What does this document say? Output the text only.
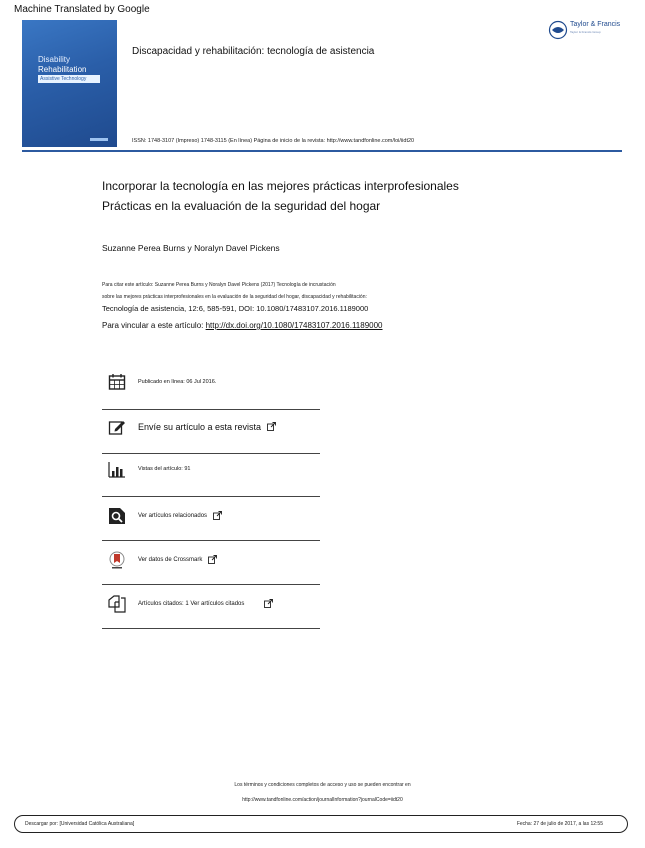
Machine Translated by Google
Disability
Rehabilitation
Assistive Technology
Discapacidad y rehabilitación: tecnología de asistencia
Taylor & Francis
Taylor & Francis Group
ISSN: 1748-3107 (Impreso) 1748-3115 (En línea) Página de inicio de la revista: http://www.tandfonline.com/loi/iidt20
Incorporar la tecnología en las mejores prácticas interprofesionales
Prácticas en la evaluación de la seguridad del hogar
Suzanne Perea Burns y Noralyn Davel Pickens
Para citar este artículo: Suzanne Perea Burns y Noralyn Davel Pickens (2017) Tecnología de incrustación
sobre las mejores prácticas interprofesionales en la evaluación de la seguridad del hogar, discapacidad y rehabilitación:
Tecnología de asistencia, 12:6, 585-591, DOI: 10.1080/17483107.2016.1189000
Para vincular a este artículo: http://dx.doi.org/10.1080/17483107.2016.1189000
Publicado en línea: 06 Jul 2016.
Envíe su artículo a esta revista
Vistas del artículo: 91
Ver artículos relacionados
Ver datos de Crossmark
Artículos citados: 1 Ver artículos citados
Los términos y condiciones completos de acceso y uso se pueden encontrar en
http://www.tandfonline.com/action/journalInformation?journalCode=iidt20
Descargar por: [Universidad Católica Australiana]	Fecha: 27 de julio de 2017, a las 12:55
